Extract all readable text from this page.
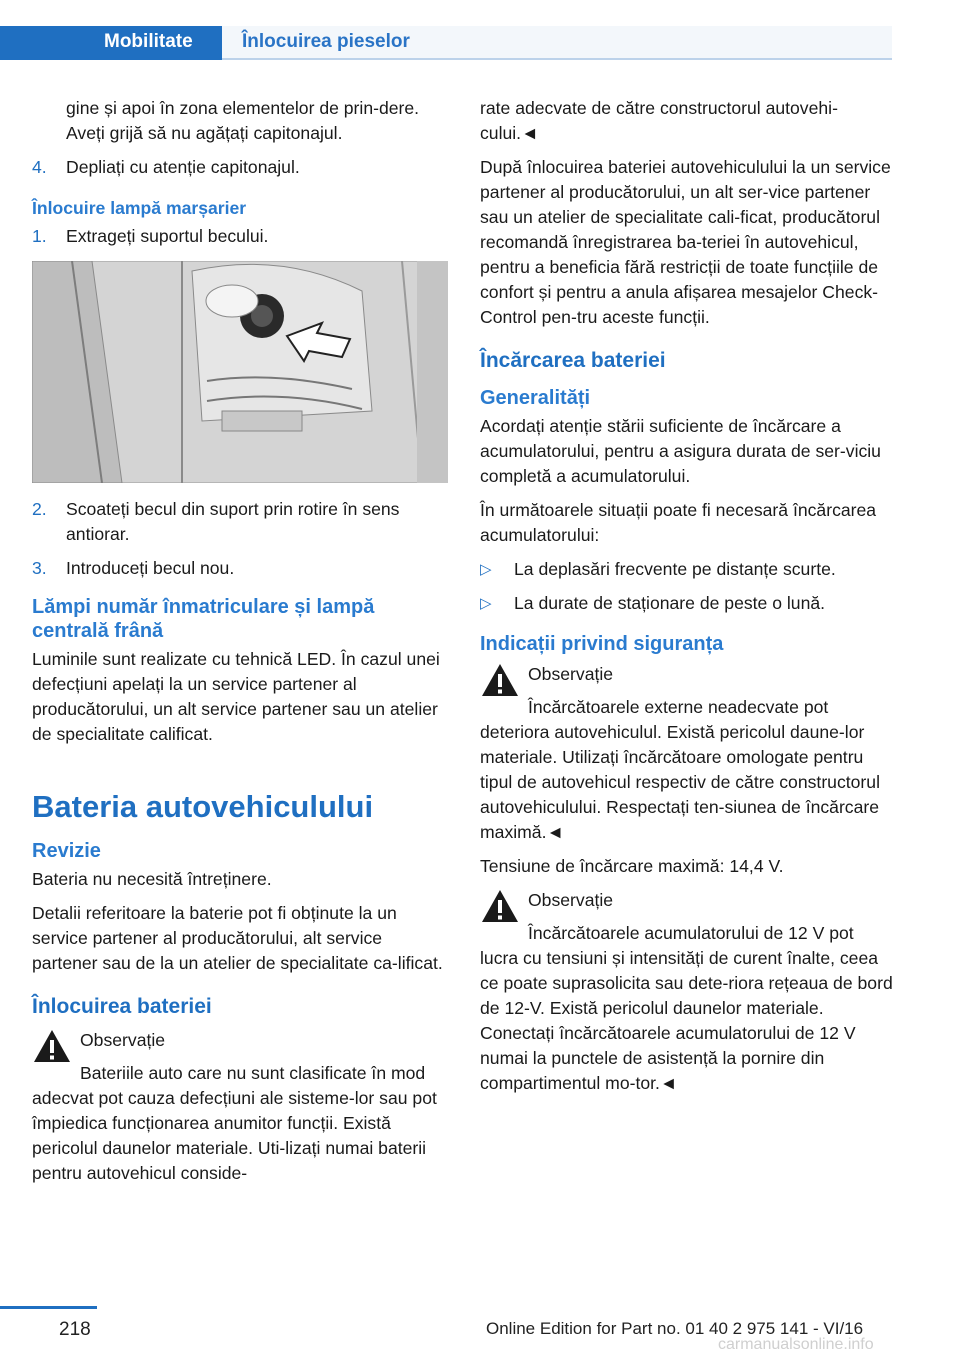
Mobilitate	Înlocuirea pieselor

gine și apoi în zona elementelor de prin-dere. Aveți grijă să nu agățați capitonajul.

4. Depliați cu atenție capitonajul.
Înlocuire lampă marșarier
1. Extrageți suportul becului.
2. Scoateți becul din suport prin rotire în sens antiorar.
3. Introduceți becul nou.
Lămpi număr înmatriculare și lampă centrală frână

Luminile sunt realizate cu tehnică LED. În cazul unei defecțiuni apelați la un service partener al producătorului, un alt service partener sau un atelier de specialitate calificat.

Bateria autovehiculului
Revizie

Bateria nu necesită întreținere.

Detalii referitoare la baterie pot fi obținute la un service partener al producătorului, alt service partener sau de la un atelier de specialitate ca-lificat.

Înlocuirea bateriei
Observație

Bateriile auto care nu sunt clasificate în mod adecvat pot cauza defecțiuni ale sisteme-lor sau pot împiedica funcționarea anumitor funcții. Există pericolul daunelor materiale. Uti-lizați numai baterii pentru autovehicul conside-

rate adecvate de către constructorul autovehi-cului.◄

După înlocuirea bateriei autovehiculului la un service partener al producătorului, un alt ser-vice partener sau un atelier de specialitate cali-ficat, producătorul recomandă înregistrarea ba-teriei în autovehicul, pentru a beneficia fără restricții de toate funcțiile de confort și pentru a anula afișarea mesajelor Check-Control pen-tru aceste funcții.

Încărcarea bateriei
Generalități

Acordați atenție stării suficiente de încărcare a acumulatorului, pentru a asigura durata de ser-viciu completă a acumulatorului.

În următoarele situații poate fi necesară încărcarea acumulatorului:

▷ La deplasări frecvente pe distanțe scurte.
▷ La durate de staționare de peste o lună.
Indicații privind siguranța
Observație

Încărcătoarele externe neadecvate pot deteriora autovehiculul. Există pericolul daune-lor materiale. Utilizați încărcătoare omologate pentru tipul de autovehicul respectiv de către constructorul autovehiculului. Respectați ten-siunea de încărcare maximă.◄

Tensiune de încărcare maximă: 14,4 V.

Observație

Încărcătoarele acumulatorului de 12 V pot lucra cu tensiuni și intensități de curent înalte, ceea ce poate suprasolicita sau dete-riora rețeaua de bord de 12-V. Există pericolul daunelor materiale. Conectați încărcătoarele acumulatorului de 12 V numai la punctele de asistență la pornire din compartimentul mo-tor.◄

218	Online Edition for Part no. 01 40 2 975 141 - VI/16
carmanualsonline.info
